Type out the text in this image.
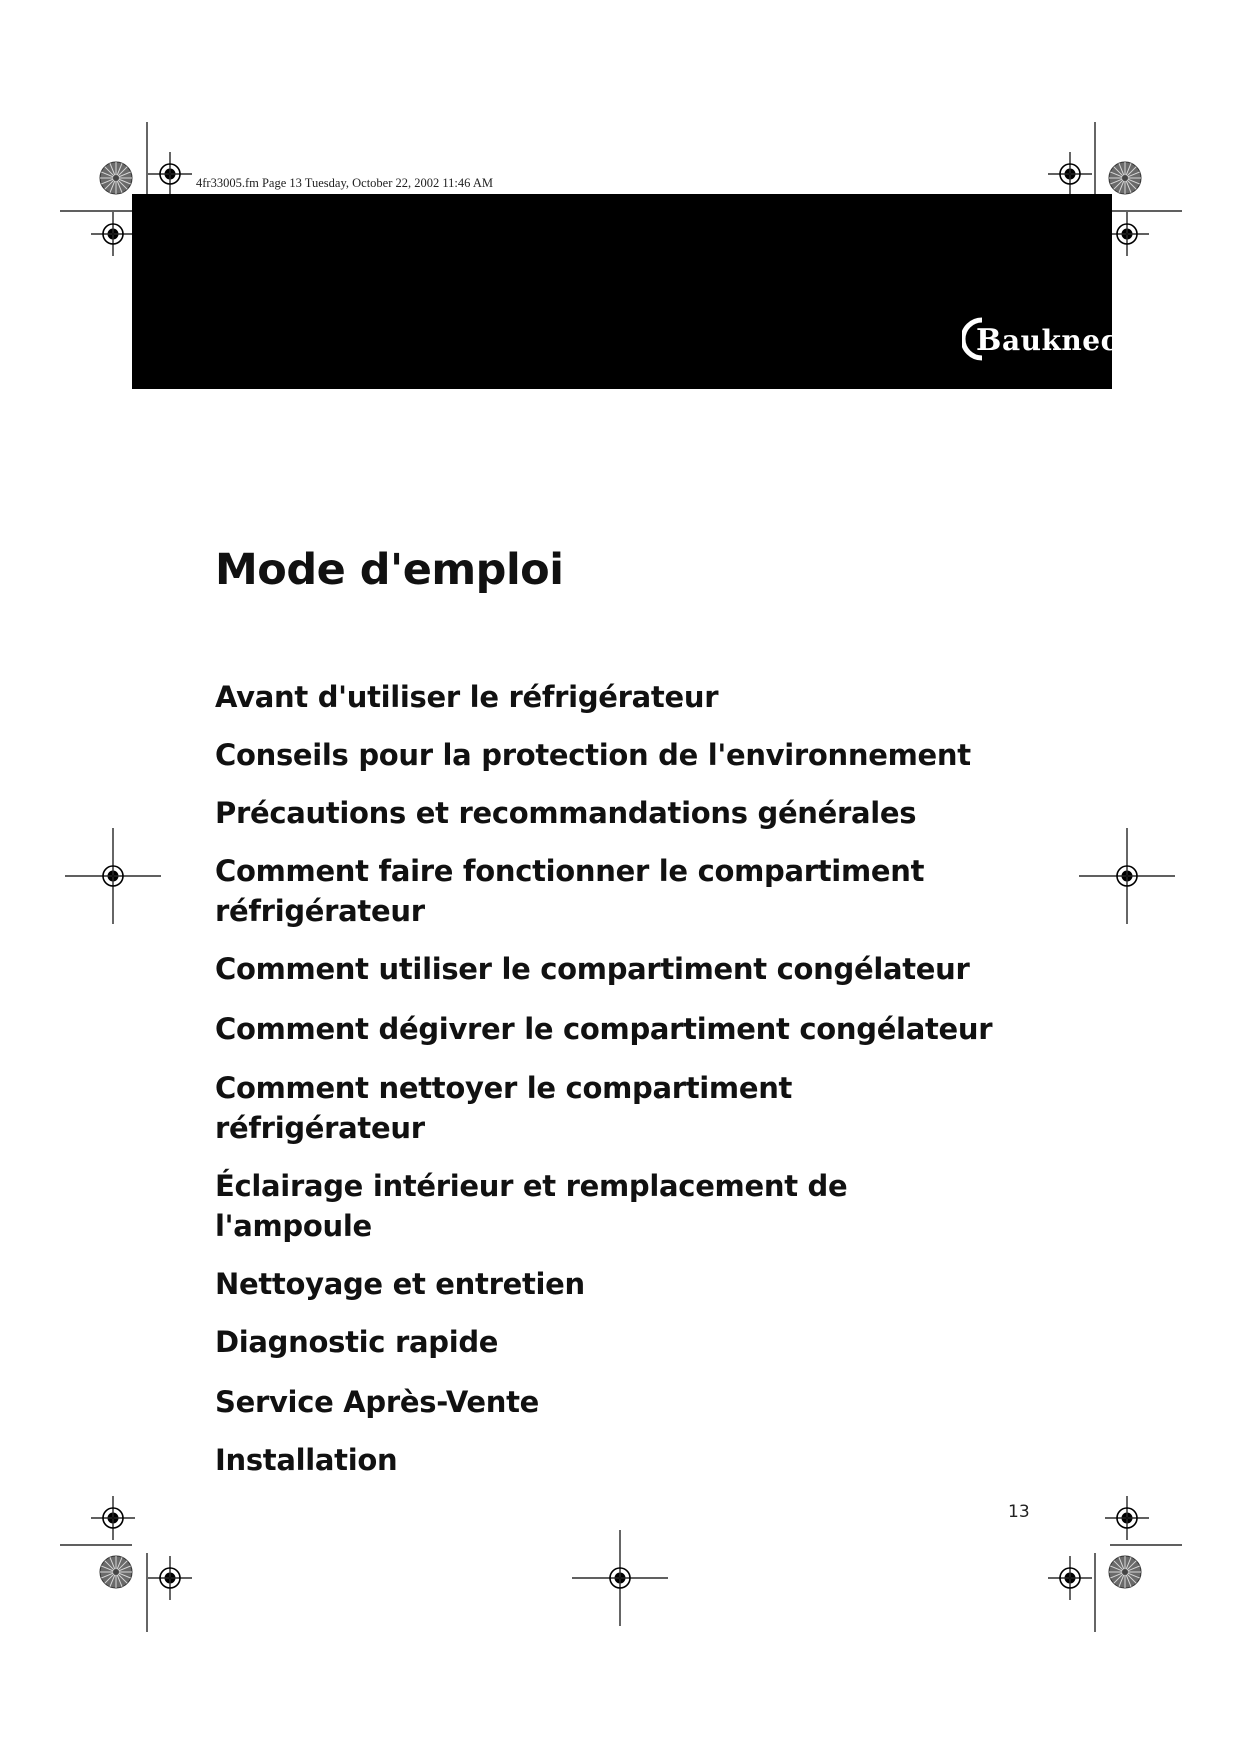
4fr33005.fm Page 13 Tuesday, October 22, 2002 11:46 AM
B auknecht
Mode d'emploi
Avant d'utiliser le réfrigérateur
Conseils pour la protection de l'environnement
Précautions et recommandations générales
Comment faire fonctionner le compartiment
réfrigérateur
Comment utiliser le compartiment congélateur
Comment dégivrer le compartiment congélateur
Comment nettoyer le compartiment
réfrigérateur
Éclairage intérieur et remplacement de
l'ampoule
Nettoyage et entretien
Diagnostic rapide
Service Après-Vente
Installation
13
